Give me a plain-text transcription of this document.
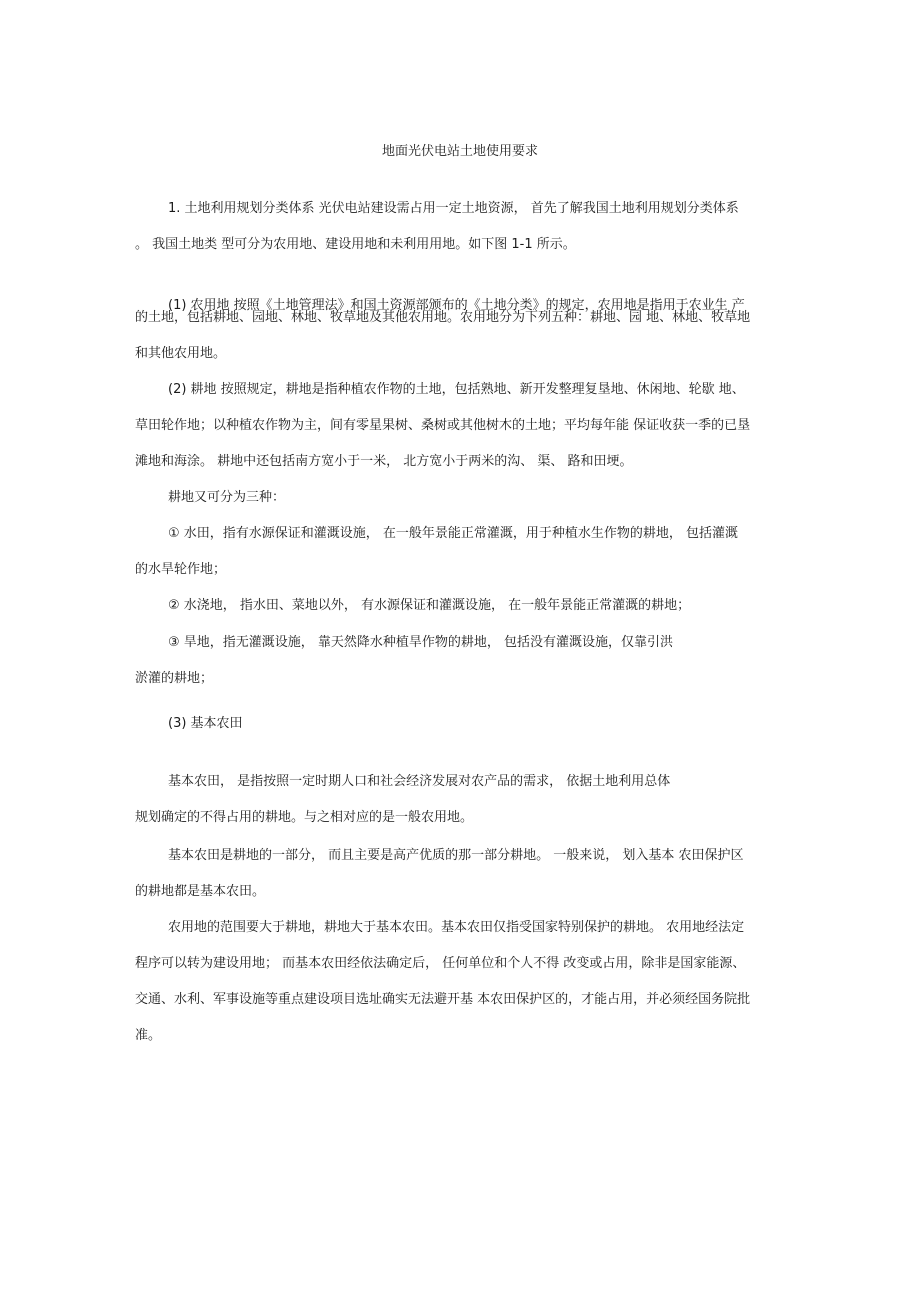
地面光伏电站土地使用要求
1. 土地利用规划分类体系 光伏电站建设需占用一定土地资源， 首先了解我国土地利用规划分类体系
。 我国土地类 型可分为农用地、建设用地和未利用用地。如下图 1-1 所示。
(1) 农用地 按照《土地管理法》和国土资源部颁布的《土地分类》的规定，农用地是指用于农业生 产
的土地，包括耕地、园地、林地、牧草地及其他农用地。农用地分为下列五种：耕地、园 地、林地、牧草地
和其他农用地。
(2) 耕地 按照规定，耕地是指种植农作物的土地，包括熟地、新开发整理复垦地、休闲地、轮歇 地、
草田轮作地；以种植农作物为主，间有零星果树、桑树或其他树木的土地；平均每年能 保证收获一季的已垦
滩地和海涂。 耕地中还包括南方宽小于一米， 北方宽小于两米的沟、 渠、 路和田埂。
耕地又可分为三种：
① 水田，指有水源保证和灌溉设施， 在一般年景能正常灌溉，用于种植水生作物的耕地， 包括灌溉
的水旱轮作地；
② 水浇地， 指水田、菜地以外， 有水源保证和灌溉设施， 在一般年景能正常灌溉的耕地；
③ 旱地，指无灌溉设施， 靠天然降水种植旱作物的耕地， 包括没有灌溉设施，仅靠引洪
淤灌的耕地；
(3) 基本农田
基本农田， 是指按照一定时期人口和社会经济发展对农产品的需求， 依据土地利用总体
规划确定的不得占用的耕地。与之相对应的是一般农用地。
基本农田是耕地的一部分， 而且主要是高产优质的那一部分耕地。 一般来说， 划入基本 农田保护区
的耕地都是基本农田。
农用地的范围要大于耕地，耕地大于基本农田。基本农田仅指受国家特别保护的耕地。 农用地经法定
程序可以转为建设用地； 而基本农田经依法确定后， 任何单位和个人不得 改变或占用，除非是国家能源、
交通、水利、军事设施等重点建设项目选址确实无法避开基 本农田保护区的，才能占用，并必须经国务院批
准。
